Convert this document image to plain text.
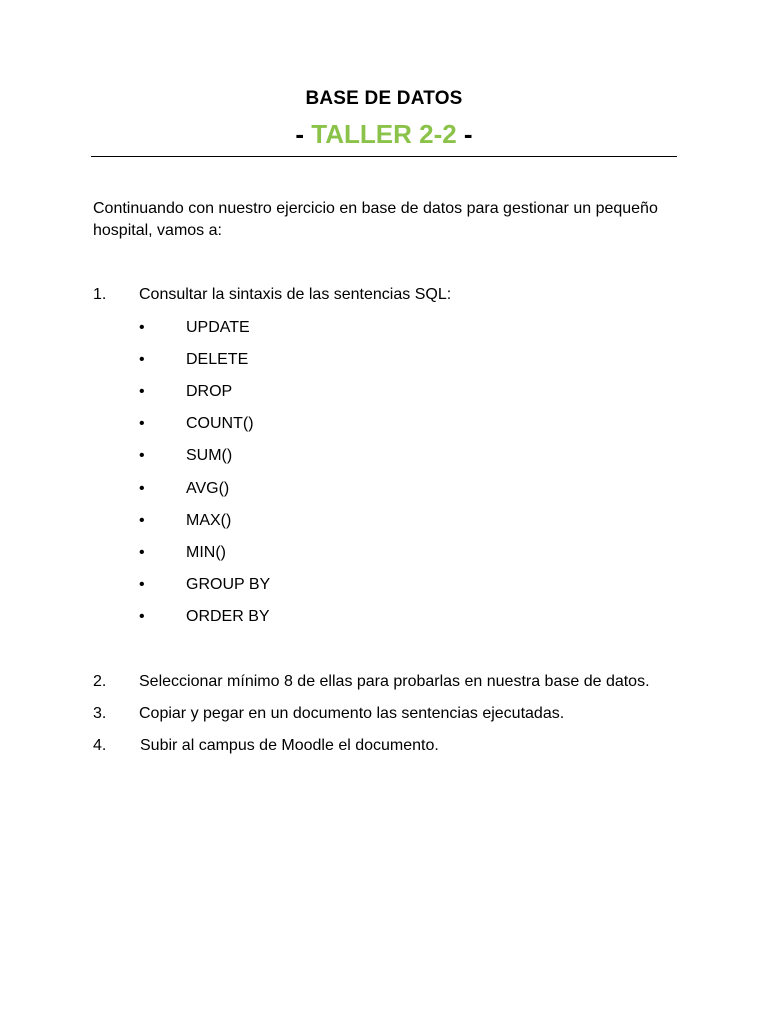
BASE DE DATOS
- TALLER 2-2 -
Continuando con nuestro ejercicio en base de datos para gestionar un pequeño hospital, vamos a:
1. Consultar la sintaxis de las sentencias SQL:
•	UPDATE
•	DELETE
•	DROP
•	COUNT()
•	SUM()
•	AVG()
•	MAX()
•	MIN()
•	GROUP BY
•	ORDER BY
2. Seleccionar mínimo 8 de ellas para probarlas en nuestra base de datos.
3. Copiar y pegar en un documento las sentencias ejecutadas.
4. Subir al campus de Moodle el documento.
